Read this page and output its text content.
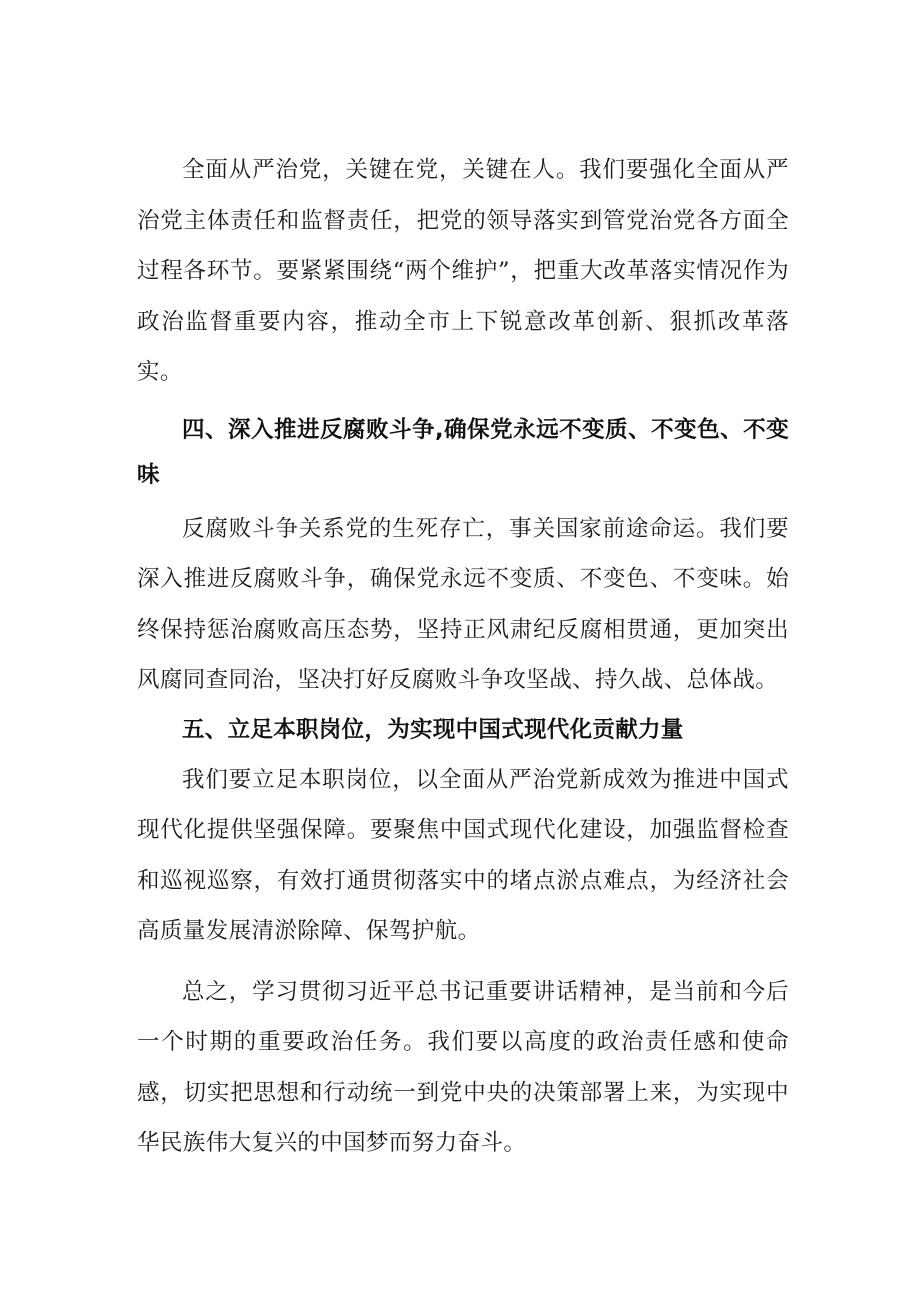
全面从严治党，关键在党，关键在人。我们要强化全面从严治党主体责任和监督责任，把党的领导落实到管党治党各方面全过程各环节。要紧紧围绕“两个维护”，把重大改革落实情况作为政治监督重要内容，推动全市上下锐意改革创新、狠抓改革落实。

四、深入推进反腐败斗争,确保党永远不变质、不变色、不变味

反腐败斗争关系党的生死存亡，事关国家前途命运。我们要深入推进反腐败斗争，确保党永远不变质、不变色、不变味。始终保持惩治腐败高压态势，坚持正风肃纪反腐相贯通，更加突出风腐同查同治，坚决打好反腐败斗争攻坚战、持久战、总体战。

五、立足本职岗位，为实现中国式现代化贡献力量

我们要立足本职岗位，以全面从严治党新成效为推进中国式现代化提供坚强保障。要聚焦中国式现代化建设，加强监督检查和巡视巡察，有效打通贯彻落实中的堵点淤点难点，为经济社会高质量发展清淤除障、保驾护航。

总之，学习贯彻习近平总书记重要讲话精神，是当前和今后一个时期的重要政治任务。我们要以高度的政治责任感和使命感，切实把思想和行动统一到党中央的决策部署上来，为实现中华民族伟大复兴的中国梦而努力奋斗。
